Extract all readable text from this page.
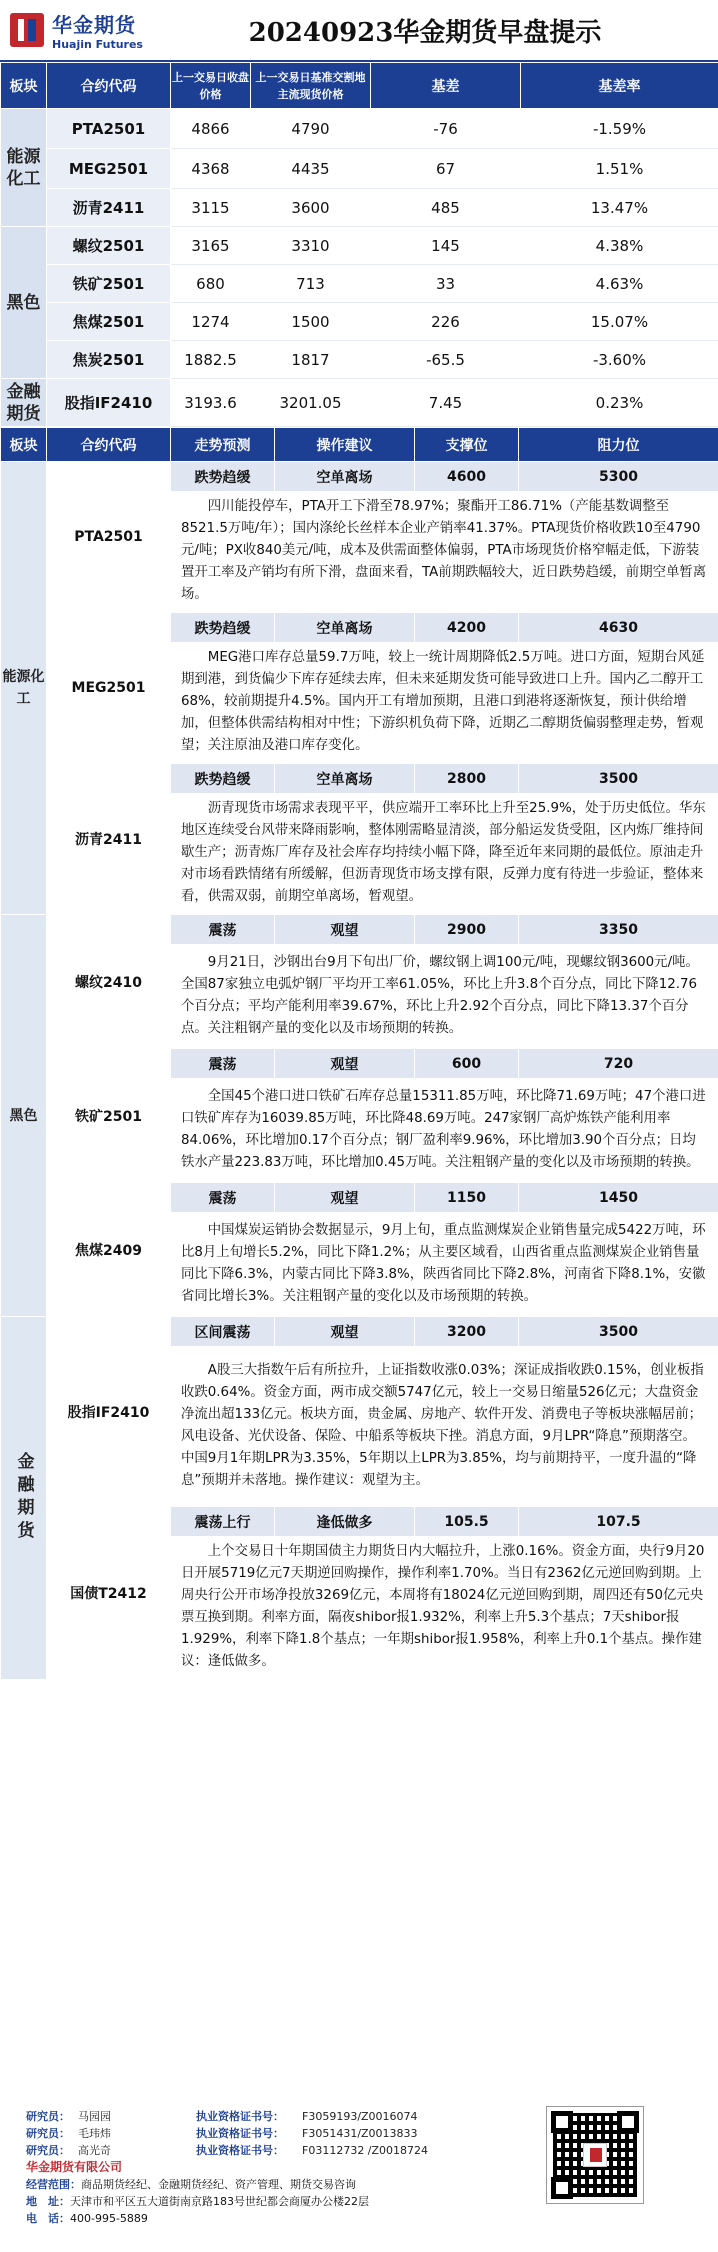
华金期货
Huajin Futures	20240923华金期货早盘提示
板块	合约代码	上一交易日收盘价格	上一交易日基准交割地主流现货价格	基差	基差率
能源化工	PTA2501	4866	4790	-76	-1.59%
	MEG2501	4368	4435	67	1.51%
	沥青2411	3115	3600	485	13.47%
黑色	螺纹2501	3165	3310	145	4.38%
	铁矿2501	680	713	33	4.63%
	焦煤2501	1274	1500	226	15.07%
	焦炭2501	1882.5	1817	-65.5	-3.60%
金融期货	股指IF2410	3193.6	3201.05	7.45	0.23%
板块	合约代码	走势预测	操作建议	支撑位	阻力位
能源化工	PTA2501	跌势趋缓	空单离场	4600	5300
		四川能投停车，PTA开工下滑至78.97%；聚酯开工86.71%（产能基数调整至8521.5万吨/年）；国内涤纶长丝样本企业产销率41.37%。PTA现货价格收跌10至4790元/吨；PX收840美元/吨，成本及供需面整体偏弱，PTA市场现货价格窄幅走低，下游装置开工率及产销均有所下滑，盘面来看，TA前期跌幅较大，近日跌势趋缓，前期空单暂离场。			
	MEG2501	跌势趋缓	空单离场	4200	4630
		MEG港口库存总量59.7万吨，较上一统计周期降低2.5万吨。进口方面，短期台风延期到港，到货偏少下库存延续去库，但未来延期发货可能导致进口上升。国内乙二醇开工68%，较前期提升4.5%。国内开工有增加预期，且港口到港将逐渐恢复，预计供给增加，但整体供需结构相对中性；下游织机负荷下降，近期乙二醇期货偏弱整理走势，暂观望；关注原油及港口库存变化。			
	沥青2411	跌势趋缓	空单离场	2800	3500
		沥青现货市场需求表现平平，供应端开工率环比上升至25.9%，处于历史低位。华东地区连续受台风带来降雨影响，整体刚需略显清淡，部分船运发货受阻，区内炼厂维持间歇生产；沥青炼厂库存及社会库存均持续小幅下降，降至近年来同期的最低位。原油走升对市场看跌情绪有所缓解，但沥青现货市场支撑有限，反弹力度有待进一步验证，整体来看，供需双弱，前期空单离场，暂观望。			
黑色	螺纹2410	震荡	观望	2900	3350
		9月21日，沙钢出台9月下旬出厂价，螺纹钢上调100元/吨，现螺纹钢3600元/吨。全国87家独立电弧炉钢厂平均开工率61.05%，环比上升3.8个百分点，同比下降12.76个百分点；平均产能利用率39.67%，环比上升2.92个百分点，同比下降13.37个百分点。关注粗钢产量的变化以及市场预期的转换。			
	铁矿2501	震荡	观望	600	720
		全国45个港口进口铁矿石库存总量15311.85万吨，环比降71.69万吨；47个港口进口铁矿库存为16039.85万吨，环比降48.69万吨。247家钢厂高炉炼铁产能利用率84.06%，环比增加0.17个百分点；钢厂盈利率9.96%，环比增加3.90个百分点；日均铁水产量223.83万吨，环比增加0.45万吨。关注粗钢产量的变化以及市场预期的转换。			
	焦煤2409	震荡	观望	1150	1450
		中国煤炭运销协会数据显示，9月上旬，重点监测煤炭企业销售量完成5422万吨，环比8月上旬增长5.2%，同比下降1.2%；从主要区域看，山西省重点监测煤炭企业销售量同比下降6.3%，内蒙古同比下降3.8%，陕西省同比下降2.8%，河南省下降8.1%，安徽省同比增长3%。关注粗钢产量的变化以及市场预期的转换。			
金融期货	股指IF2410	区间震荡	观望	3200	3500
		A股三大指数午后有所拉升，上证指数收涨0.03%；深证成指收跌0.15%，创业板指收跌0.64%。资金方面，两市成交额5747亿元，较上一交易日缩量526亿元；大盘资金净流出超133亿元。板块方面，贵金属、房地产、软件开发、消费电子等板块涨幅居前；风电设备、光伏设备、保险、中船系等板块下挫。消息方面，9月LPR“降息”预期落空。中国9月1年期LPR为3.35%，5年期以上LPR为3.85%，均与前期持平，一度升温的“降息”预期并未落地。操作建议：观望为主。			
	国债T2412	震荡上行	逢低做多	105.5	107.5
		上个交易日十年期国债主力期货日内大幅拉升，上涨0.16%。资金方面，央行9月20日开展5719亿元7天期逆回购操作，操作利率1.70%。当日有2362亿元逆回购到期。上周央行公开市场净投放3269亿元，本周将有18024亿元逆回购到期，周四还有50亿元央票互换到期。利率方面，隔夜shibor报1.932%，利率上升5.3个基点；7天shibor报1.929%，利率下降1.8个基点；一年期shibor报1.958%，利率上升0.1个基点。操作建议：逢低做多。			
研究员： 马园园	执业资格证书号：	F3059193/Z0016074
研究员： 毛玮炜	执业资格证书号：	F3051431/Z0013833
研究员： 高光奇	执业资格证书号：	F03112732 /Z0018724
华金期货有限公司
经营范围：商品期货经纪、金融期货经纪、资产管理、期货交易咨询
地　址：天津市和平区五大道街南京路183号世纪都会商厦办公楼22层
电　话：400-995-5889
